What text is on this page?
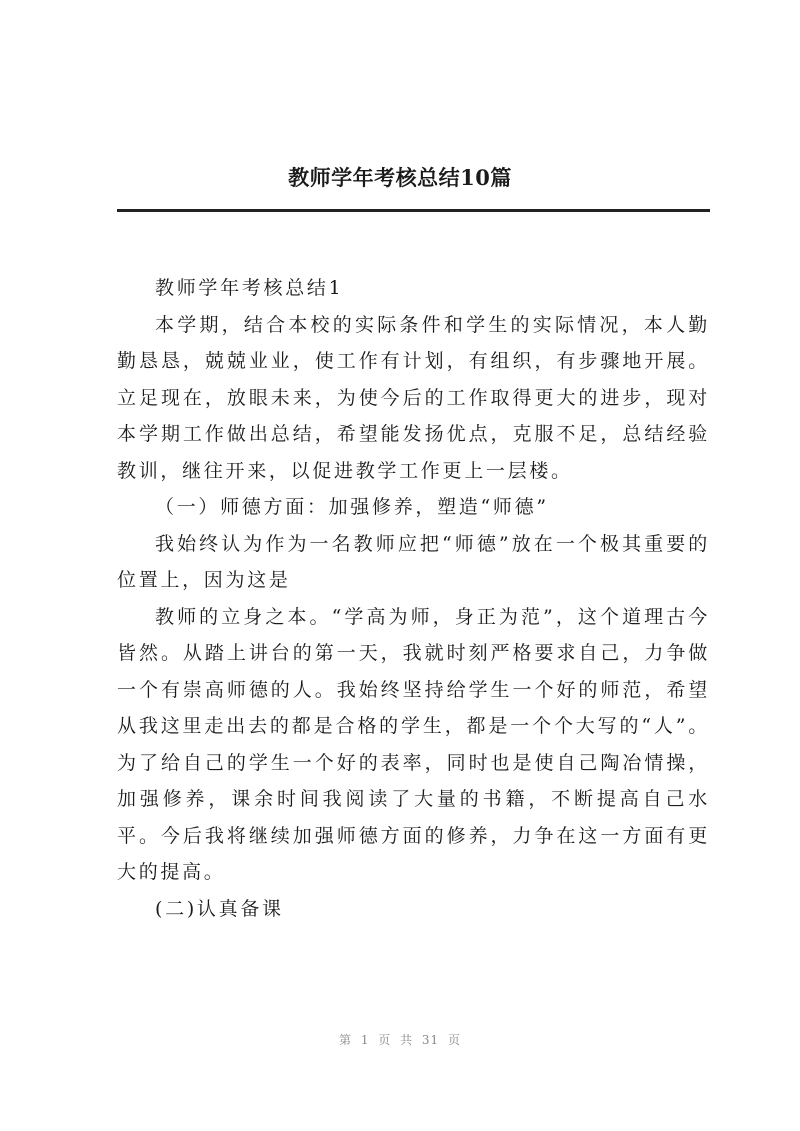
教师学年考核总结10篇

教师学年考核总结1

本学期，结合本校的实际条件和学生的实际情况，本人勤勤恳恳，兢兢业业，使工作有计划，有组织，有步骤地开展。立足现在，放眼未来，为使今后的工作取得更大的进步，现对本学期工作做出总结，希望能发扬优点，克服不足，总结经验教训，继往开来，以促进教学工作更上一层楼。

（一）师德方面：加强修养，塑造“师德”

我始终认为作为一名教师应把“师德”放在一个极其重要的位置上，因为这是

教师的立身之本。“学高为师，身正为范”，这个道理古今皆然。从踏上讲台的第一天，我就时刻严格要求自己，力争做一个有崇高师德的人。我始终坚持给学生一个好的师范，希望从我这里走出去的都是合格的学生，都是一个个大写的“人”。为了给自己的学生一个好的表率，同时也是使自己陶冶情操，加强修养，课余时间我阅读了大量的书籍，不断提高自己水平。今后我将继续加强师德方面的修养，力争在这一方面有更大的提高。

(二)认真备课

第 1 页 共 31 页
